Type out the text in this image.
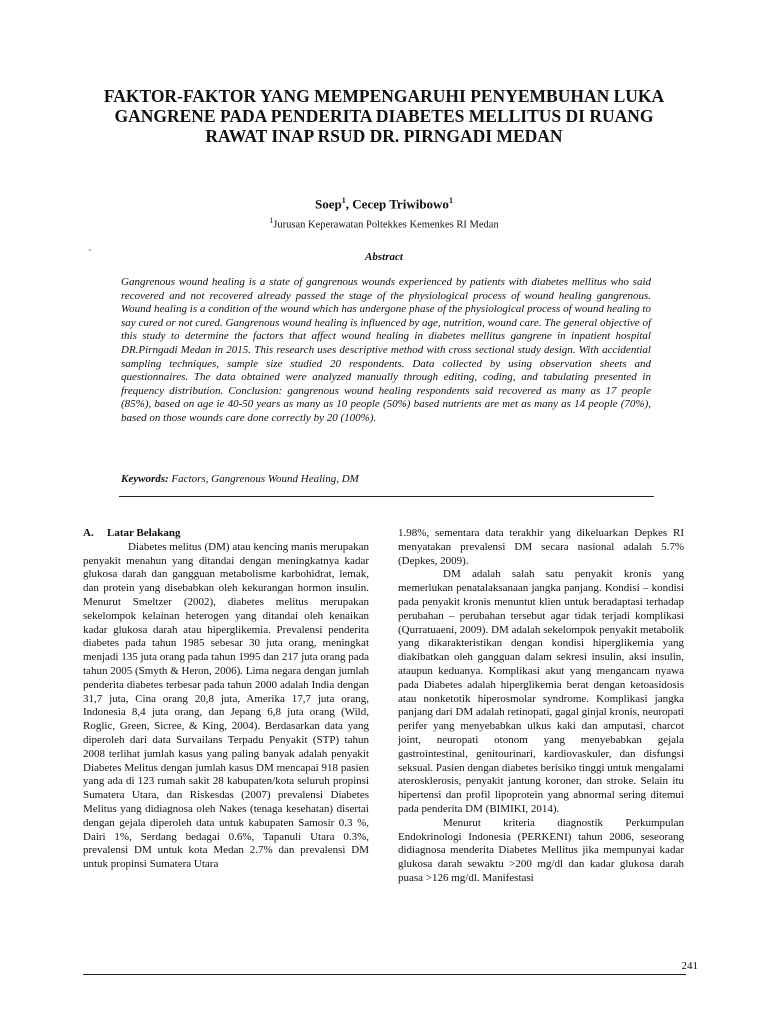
FAKTOR-FAKTOR YANG MEMPENGARUHI PENYEMBUHAN LUKA
GANGRENE PADA PENDERITA DIABETES MELLITUS DI RUANG
RAWAT INAP RSUD DR. PIRNGADI MEDAN
Soep$^1$, Cecep Triwibowo$^1$
$^1$Jurusan Keperawatan Poltekkes Kemenkes RI Medan
`	Abstract

Gangrenous wound healing is a state of gangrenous wounds experienced by patients with diabetes mellitus who said recovered and not recovered already passed the stage of the physiological process of wound healing gangrenous. Wound healing is a condition of the wound which has undergone phase of the physiological process of wound healing to say cured or not cured. Gangrenous wound healing is influenced by age, nutrition, wound care. The general objective of this study to determine the factors that affect wound healing in diabetes mellitus gangrene in inpatient hospital DR.Pirngadi Medan in 2015. This research uses descriptive method with cross sectional study design. With accidential sampling techniques, sample size studied 20 respondents. Data collected by using observation sheets and questionnaires. The data obtained were analyzed manually through editing, coding, and tabulating presented in frequency distribution. Conclusion: gangrenous wound healing respondents said recovered as many as 17 people (85%), based on age ie 40-50 years as many as 10 people (50%) based nutrients are met as many as 14 people (70%), based on those wounds care done correctly by 20 (100%).

Keywords: Factors, Gangrenous Wound Healing, DM

A. Latar Belakang

Diabetes melitus (DM) atau kencing manis merupakan penyakit menahun yang ditandai dengan meningkatnya kadar glukosa darah dan gangguan metabolisme karbohidrat, lemak, dan protein yang disebabkan oleh kekurangan hormon insulin. Menurut Smeltzer (2002), diabetes melitus merupakan sekelompok kelainan heterogen yang ditandai oleh kenaikan kadar glukosa darah atau hiperglikemia. Prevalensi penderita diabetes pada tahun 1985 sebesar 30 juta orang, meningkat menjadi 135 juta orang pada tahun 1995 dan 217 juta orang pada tahun 2005 (Smyth & Heron, 2006). Lima negara dengan jumlah penderita diabetes terbesar pada tahun 2000 adalah India dengan 31,7 juta, Cina orang 20,8 juta, Amerika 17,7 juta orang, Indonesia 8,4 juta orang, dan Jepang 6,8 juta orang (Wild, Roglic, Green, Sicree, & King, 2004). Berdasarkan data yang diperoleh dari data Survailans Terpadu Penyakit (STP) tahun 2008 terlihat jumlah kasus yang paling banyak adalah penyakit Diabetes Melitus dengan jumlah kasus DM mencapai 918 pasien yang ada di 123 rumah sakit 28 kabupaten/kota seluruh propinsi Sumatera Utara, dan Riskesdas (2007) prevalensi Diabetes Melitus yang didiagnosa oleh Nakes (tenaga kesehatan) disertai dengan gejala diperoleh data untuk kabupaten Samosir 0.3 %, Dairi 1%, Serdang bedagai 0.6%, Tapanuli Utara 0.3%, prevalensi DM untuk kota Medan 2.7% dan prevalensi DM untuk propinsi Sumatera Utara

1.98%, sementara data terakhir yang dikeluarkan Depkes RI menyatakan prevalensi DM secara nasional adalah 5.7% (Depkes, 2009).

DM adalah salah satu penyakit kronis yang memerlukan penatalaksanaan jangka panjang. Kondisi – kondisi pada penyakit kronis menuntut klien untuk beradaptasi terhadap perubahan – perubahan tersebut agar tidak terjadi komplikasi (Qurratuaeni, 2009). DM adalah sekelompok penyakit metabolik yang dikarakteristikan dengan kondisi hiperglikemia yang diakibatkan oleh gangguan dalam sekresi insulin, aksi insulin, ataupun keduanya. Komplikasi akut yang mengancam nyawa pada Diabetes adalah hiperglikemia berat dengan ketoasidosis atau nonketotik hiperosmolar syndrome. Komplikasi jangka panjang dari DM adalah retinopati, gagal ginjal kronis, neuropati perifer yang menyebabkan ulkus kaki dan amputasi, charcot joint, neuropati otonom yang menyebabkan gejala gastrointestinal, genitourinari, kardiovaskuler, dan disfungsi seksual. Pasien dengan diabetes berisiko tinggi untuk mengalami aterosklerosis, penyakit jantung koroner, dan stroke. Selain itu hipertensi dan profil lipoprotein yang abnormal sering ditemui pada penderita DM (BIMIKI, 2014).

Menurut kriteria diagnostik Perkumpulan Endokrinologi Indonesia (PERKENI) tahun 2006, seseorang didiagnosa menderita Diabetes Mellitus jika mempunyai kadar glukosa darah sewaktu >200 mg/dl dan kadar glukosa darah puasa >126 mg/dl. Manifestasi

241
